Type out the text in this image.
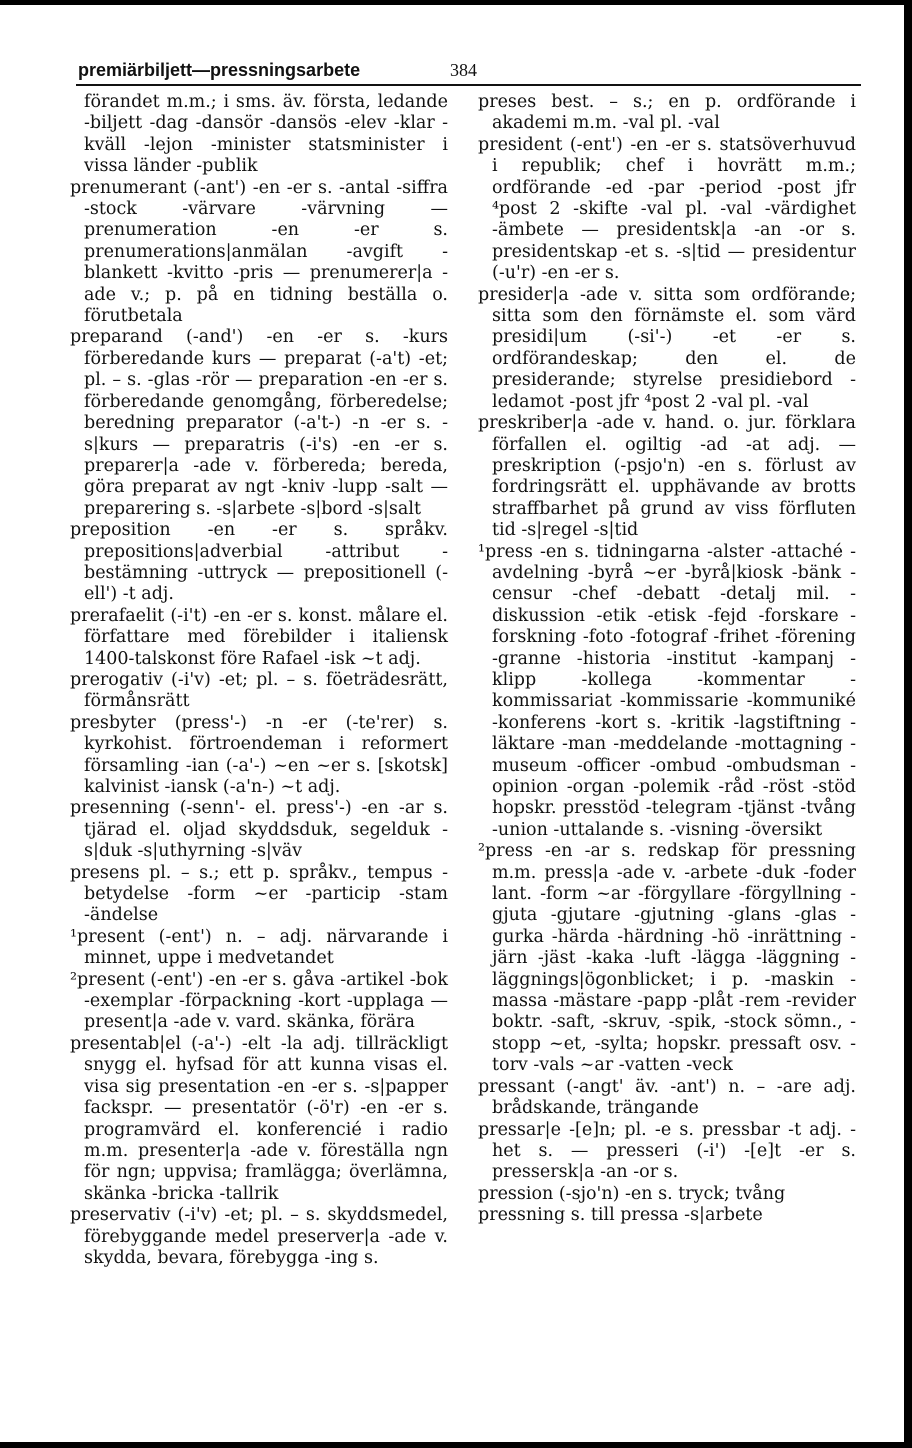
premiärbiljett—pressningsarbete	384

förandet m.m.; i sms. äv. första, ledande -biljett -dag -dansör -dansös -elev -klar -kväll -lejon -minister statsminister i vissa länder -publik

prenumerant (-ant') -en -er s. -antal -siffra -stock -värvare -värvning — prenumeration -en -er s. prenumerations|anmälan -avgift -blankett -kvitto -pris — prenumerer|a -ade v.; p. på en tidning beställa o. förutbetala

preparand (-and') -en -er s. -kurs förberedande kurs — preparat (-a't) -et; pl. – s. -glas -rör — preparation -en -er s. förberedande genomgång, förberedelse; beredning preparator (-a't-) -n -er s. -s|kurs — preparatris (-i's) -en -er s. preparer|a -ade v. förbereda; bereda, göra preparat av ngt -kniv -lupp -salt — preparering s. -s|arbete -s|bord -s|salt

preposition -en -er s. språkv. prepositions|adverbial -attribut -bestämning -uttryck — prepositionell (-ell') -t adj.

prerafaelit (-i't) -en -er s. konst. målare el. författare med förebilder i italiensk 1400-talskonst före Rafael -isk ~t adj.

prerogativ (-i'v) -et; pl. – s. föeträdesrätt, förmånsrätt

presbyter (press'-) -n -er (-te'rer) s. kyrkohist. förtroendeman i reformert församling -ian (-a'-) ~en ~er s. [skotsk] kalvinist -iansk (-a'n-) ~t adj.

presenning (-senn'- el. press'-) -en -ar s. tjärad el. oljad skyddsduk, segelduk -s|duk -s|uthyrning -s|väv

presens pl. – s.; ett p. språkv., tempus -betydelse -form ~er -particip -stam -ändelse

¹present (-ent') n. – adj. närvarande i minnet, uppe i medvetandet

²present (-ent') -en -er s. gåva -artikel -bok -exemplar -förpackning -kort -upplaga — present|a -ade v. vard. skänka, förära

presentab|el (-a'-) -elt -la adj. tillräckligt snygg el. hyfsad för att kunna visas el. visa sig presentation -en -er s. -s|papper fackspr. — presentatör (-ö'r) -en -er s. programvärd el. konferencié i radio m.m. presenter|a -ade v. föreställa ngn för ngn; uppvisa; framlägga; överlämna, skänka -bricka -tallrik

preservativ (-i'v) -et; pl. – s. skyddsmedel, förebyggande medel preserver|a -ade v. skydda, bevara, förebygga -ing s.

preses best. – s.; en p. ordförande i akademi m.m. -val pl. -val

president (-ent') -en -er s. statsöverhuvud i republik; chef i hovrätt m.m.; ordförande -ed -par -period -post jfr ⁴post 2 -skifte -val pl. -val -värdighet -ämbete — presidentsk|a -an -or s. presidentskap -et s. -s|tid — presidentur (-u'r) -en -er s.

presider|a -ade v. sitta som ordförande; sitta som den förnämste el. som värd presidi|um (-si'-) -et -er s. ordförandeskap; den el. de presiderande; styrelse presidiebord -ledamot -post jfr ⁴post 2 -val pl. -val

preskriber|a -ade v. hand. o. jur. förklara förfallen el. ogiltig -ad -at adj. — preskription (-psjo'n) -en s. förlust av fordringsrätt el. upphävande av brotts straffbarhet på grund av viss förfluten tid -s|regel -s|tid

¹press -en s. tidningarna -alster -attaché -avdelning -byrå ~er -byrå|kiosk -bänk -censur -chef -debatt -detalj mil. -diskussion -etik -etisk -fejd -forskare -forskning -foto -fotograf -frihet -förening -granne -historia -institut -kampanj -klipp -kollega -kommentar -kommissariat -kommissarie -kommuniké -konferens -kort s. -kritik -lagstiftning -läktare -man -meddelande -mottagning -museum -officer -ombud -ombudsman -opinion -organ -polemik -råd -röst -stöd hopskr. presstöd -telegram -tjänst -tvång -union -uttalande s. -visning -översikt

²press -en -ar s. redskap för pressning m.m. press|a -ade v. -arbete -duk -foder lant. -form ~ar -förgyllare -förgyllning -gjuta -gjutare -gjutning -glans -glas -gurka -härda -härdning -hö -inrättning -järn -jäst -kaka -luft -lägga -läggning -läggnings|ögonblicket; i p. -maskin -massa -mästare -papp -plåt -rem -revider boktr. -saft, -skruv, -spik, -stock sömn., -stopp ~et, -sylta; hopskr. pressaft osv. -torv -vals ~ar -vatten -veck

pressant (-angt' äv. -ant') n. – -are adj. brådskande, trängande

pressar|e -[e]n; pl. -e s. pressbar -t adj. -het s. — presseri (-i') -[e]t -er s. pressersk|a -an -or s.

pression (-sjo'n) -en s. tryck; tvång

pressning s. till pressa -s|arbete
